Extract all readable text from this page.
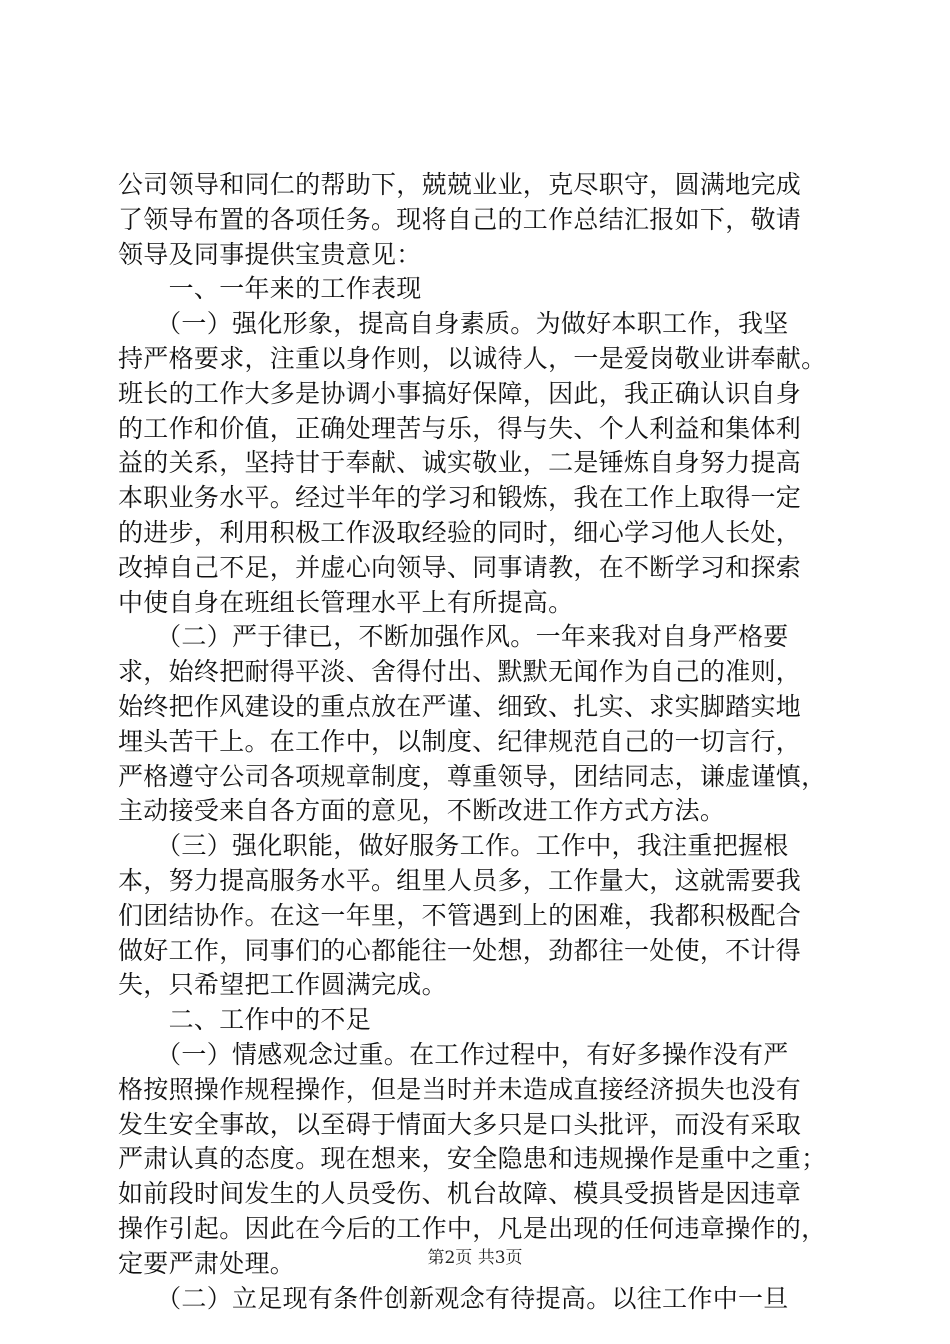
公司领导和同仁的帮助下，兢兢业业，克尽职守，圆满地完成
了领导布置的各项任务。现将自己的工作总结汇报如下，敬请
领导及同事提供宝贵意见：
　　一、一年来的工作表现
　　（一）强化形象，提高自身素质。为做好本职工作，我坚
持严格要求，注重以身作则，以诚待人，一是爱岗敬业讲奉献。
班长的工作大多是协调小事搞好保障，因此，我正确认识自身
的工作和价值，正确处理苦与乐，得与失、个人利益和集体利
益的关系，坚持甘于奉献、诚实敬业，二是锤炼自身努力提高
本职业务水平。经过半年的学习和锻炼，我在工作上取得一定
的进步，利用积极工作汲取经验的同时，细心学习他人长处，
改掉自己不足，并虚心向领导、同事请教，在不断学习和探索
中使自身在班组长管理水平上有所提高。
　　（二）严于律已，不断加强作风。一年来我对自身严格要
求，始终把耐得平淡、舍得付出、默默无闻作为自己的准则，
始终把作风建设的重点放在严谨、细致、扎实、求实脚踏实地
埋头苦干上。在工作中，以制度、纪律规范自己的一切言行，
严格遵守公司各项规章制度，尊重领导，团结同志，谦虚谨慎，
主动接受来自各方面的意见，不断改进工作方式方法。
　　（三）强化职能，做好服务工作。工作中，我注重把握根
本，努力提高服务水平。组里人员多，工作量大，这就需要我
们团结协作。在这一年里，不管遇到上的困难，我都积极配合
做好工作，同事们的心都能往一处想，劲都往一处使，不计得
失，只希望把工作圆满完成。
　　二、工作中的不足
　　（一）情感观念过重。在工作过程中，有好多操作没有严
格按照操作规程操作，但是当时并未造成直接经济损失也没有
发生安全事故，以至碍于情面大多只是口头批评，而没有采取
严肃认真的态度。现在想来，安全隐患和违规操作是重中之重；
如前段时间发生的人员受伤、机台故障、模具受损皆是因违章
操作引起。因此在今后的工作中，凡是出现的任何违章操作的，
定要严肃处理。
　　（二）立足现有条件创新观念有待提高。以往工作中一旦
第2页 共3页
